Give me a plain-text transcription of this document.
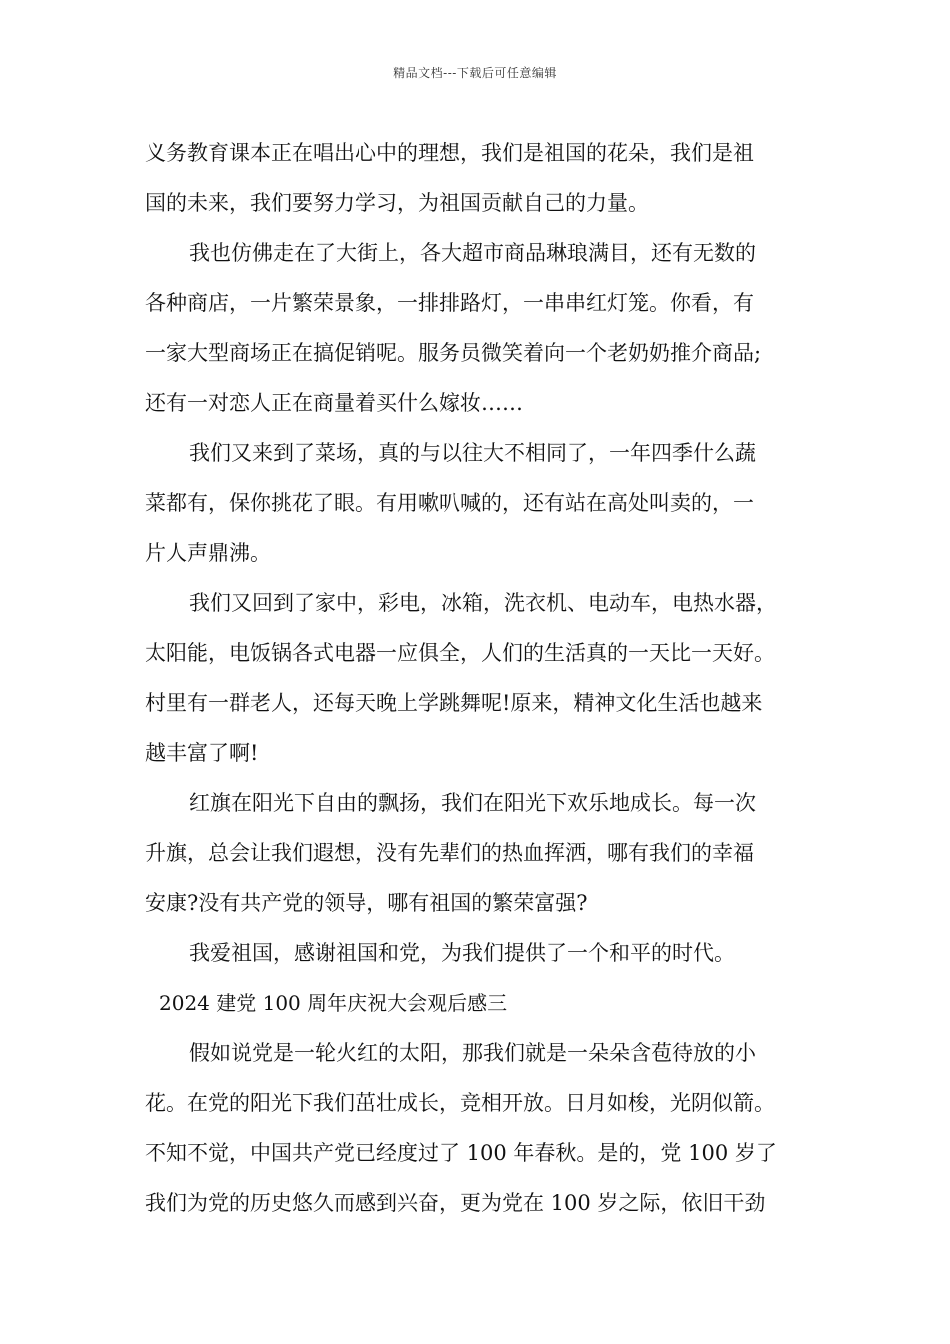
精品文档---下载后可任意编辑
义务教育课本正在唱出心中的理想，我们是祖国的花朵，我们是祖
国的未来，我们要努力学习，为祖国贡献自己的力量。
我也仿佛走在了大街上，各大超市商品琳琅满目，还有无数的
各种商店，一片繁荣景象，一排排路灯，一串串红灯笼。你看，有
一家大型商场正在搞促销呢。服务员微笑着向一个老奶奶推介商品;
还有一对恋人正在商量着买什么嫁妆……
我们又来到了菜场，真的与以往大不相同了，一年四季什么蔬
菜都有，保你挑花了眼。有用嗽叭喊的，还有站在高处叫卖的，一
片人声鼎沸。
我们又回到了家中，彩电，冰箱，洗衣机、电动车，电热水器，
太阳能，电饭锅各式电器一应俱全，人们的生活真的一天比一天好。
村里有一群老人，还每天晚上学跳舞呢!原来，精神文化生活也越来
越丰富了啊!
红旗在阳光下自由的飘扬，我们在阳光下欢乐地成长。每一次
升旗，总会让我们遐想，没有先辈们的热血挥洒，哪有我们的幸福
安康?没有共产党的领导，哪有祖国的繁荣富强?
我爱祖国，感谢祖国和党，为我们提供了一个和平的时代。
2024 建党 100 周年庆祝大会观后感三
假如说党是一轮火红的太阳，那我们就是一朵朵含苞待放的小
花。在党的阳光下我们茁壮成长，竞相开放。日月如梭，光阴似箭。
不知不觉，中国共产党已经度过了 100 年春秋。是的，党 100 岁了
我们为党的历史悠久而感到兴奋，更为党在 100 岁之际，依旧干劲
